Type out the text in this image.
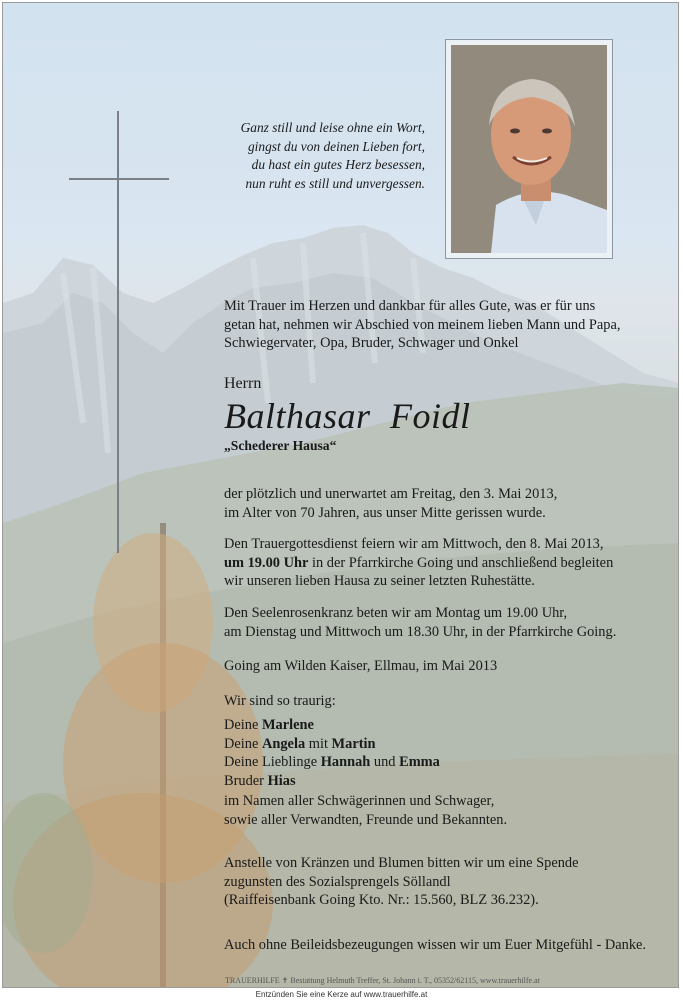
Ganz still und leise ohne ein Wort,
gingst du von deinen Lieben fort,
du hast ein gutes Herz besessen,
nun ruht es still und unvergessen.
Mit Trauer im Herzen und dankbar für alles Gute, was er für uns
getan hat, nehmen wir Abschied von meinem lieben Mann und Papa,
Schwiegervater, Opa, Bruder, Schwager und Onkel
Herrn
Balthasar Foidl
„Schederer Hausa“
der plötzlich und unerwartet am Freitag, den 3. Mai 2013,
im Alter von 70 Jahren, aus unser Mitte gerissen wurde.
Den Trauergottesdienst feiern wir am Mittwoch, den 8. Mai 2013,
um 19.00 Uhr in der Pfarrkirche Going und anschließend begleiten
wir unseren lieben Hausa zu seiner letzten Ruhestätte.
Den Seelenrosenkranz beten wir am Montag um 19.00 Uhr,
am Dienstag und Mittwoch um 18.30 Uhr, in der Pfarrkirche Going.
Going am Wilden Kaiser, Ellmau, im Mai 2013
Wir sind so traurig:
Deine Marlene
Deine Angela mit Martin
Deine Lieblinge Hannah und Emma
Bruder Hias
im Namen aller Schwägerinnen und Schwager,
sowie aller Verwandten, Freunde und Bekannten.
Anstelle von Kränzen und Blumen bitten wir um eine Spende
zugunsten des Sozialsprengels Söllandl
(Raiffeisenbank Going Kto. Nr.: 15.560, BLZ 36.232).
Auch ohne Beileidsbezeugungen wissen wir um Euer Mitgefühl - Danke.
TRAUERHILFE ✝ Bestattung Helmuth Treffer, St. Johann i. T., 05352/62115, www.trauerhilfe.at
Entzünden Sie eine Kerze auf www.trauerhilfe.at
